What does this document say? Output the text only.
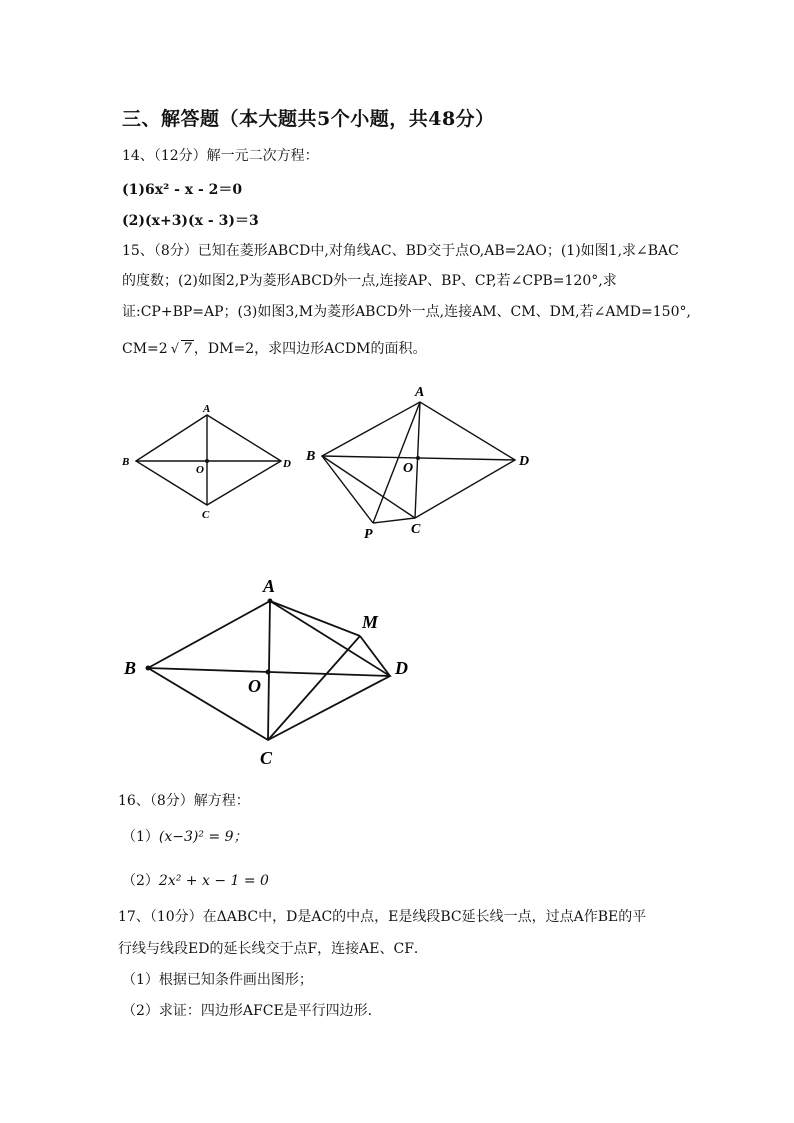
三、解答题（本大题共5个小题，共48分）
14、（12分）解一元二次方程：
(1)6x² - x - 2＝0
(2)(x+3)(x - 3)＝3
15、（8分）已知在菱形ABCD中,对角线AC、BD交于点O,AB=2AO；(1)如图1,求∠BAC
的度数；(2)如图2,P为菱形ABCD外一点,连接AP、BP、CP,若∠CPB=120°,求
证:CP+BP=AP；(3)如图3,M为菱形ABCD外一点,连接AM、CM、DM,若∠AMD=150°,
CM=2 √ 7 ，DM=2，求四边形ACDM的面积。
A
B	D
O
C
A
B	D
O
C
P
A
B	D
O
C
M
16、（8分）解方程：
（1）(x−3)² = 9；
（2）2x² + x − 1 = 0
17、（10分）在ΔABC中，D是AC的中点，E是线段BC延长线一点，过点A作BE的平
行线与线段ED的延长线交于点F，连接AE、CF．
（1）根据已知条件画出图形；
（2）求证：四边形AFCE是平行四边形．
